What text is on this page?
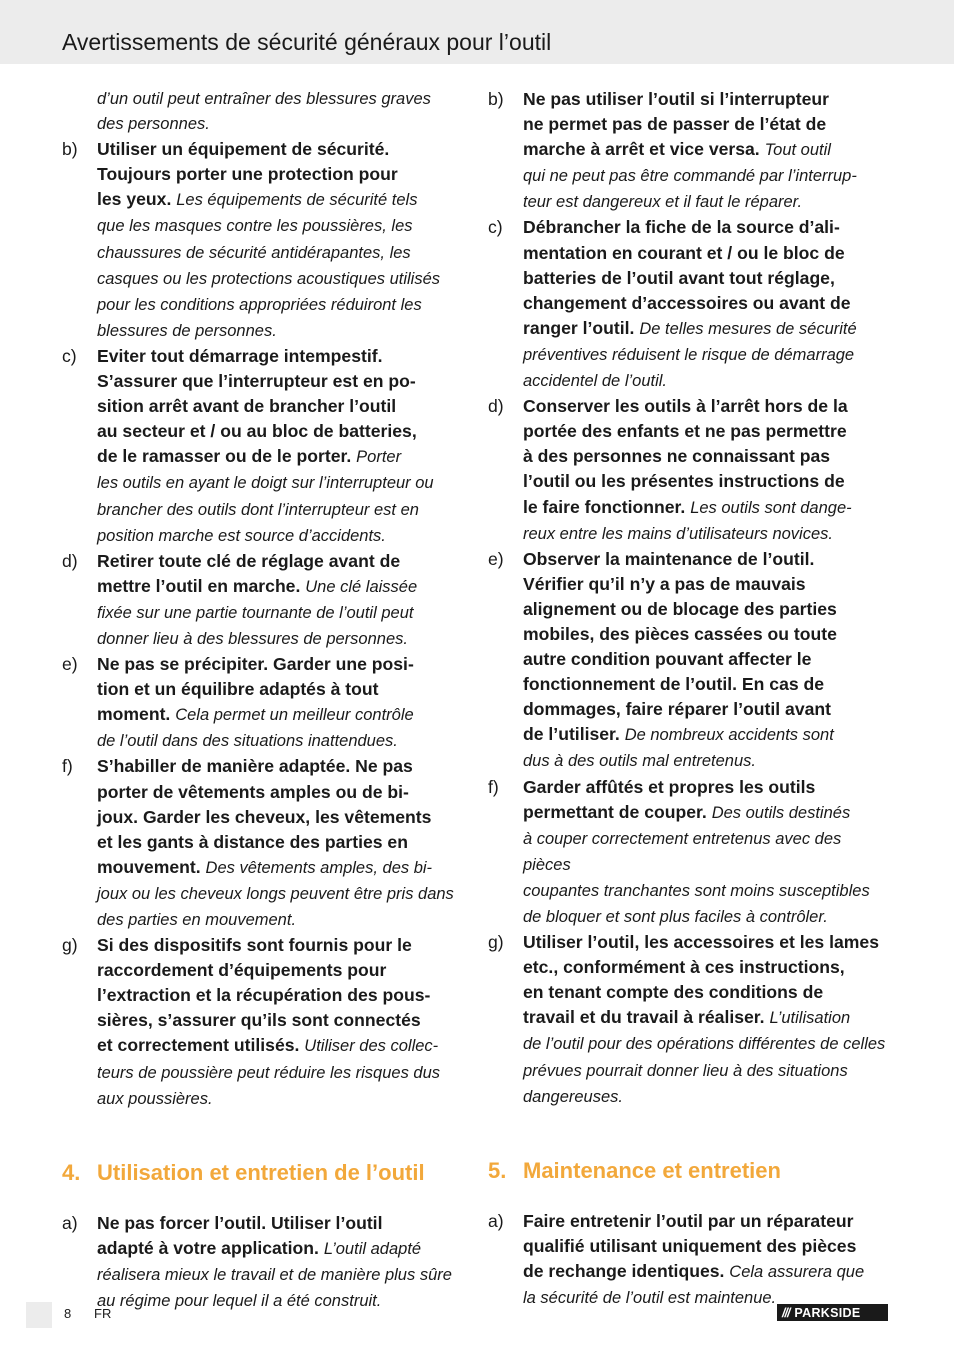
Avertissements de sécurité généraux pour l’outil
d’un outil peut entraîner des blessures graves
des personnes.
b)	Utiliser un équipement de sécurité.
Toujours porter une protection pour
les yeux. Les équipements de sécurité tels
que les masques contre les poussières, les
chaussures de sécurité antidérapantes, les
casques ou les protections acoustiques utilisés
pour les conditions appropriées réduiront les
blessures de personnes.
c)	Eviter tout démarrage intempestif.
S’assurer que l’interrupteur est en po-
sition arrêt avant de brancher l’outil
au secteur et / ou au bloc de batteries,
de le ramasser ou de le porter. Porter
les outils en ayant le doigt sur l’interrupteur ou
brancher des outils dont l’interrupteur est en
position marche est source d’accidents.
d)	Retirer toute clé de réglage avant de
mettre l’outil en marche. Une clé laissée
fixée sur une partie tournante de l’outil peut
donner lieu à des blessures de personnes.
e)	Ne pas se précipiter. Garder une posi-
tion et un équilibre adaptés à tout
moment. Cela permet un meilleur contrôle
de l’outil dans des situations inattendues.
f)	S’habiller de manière adaptée. Ne pas
porter de vêtements amples ou de bi-
joux. Garder les cheveux, les vêtements
et les gants à distance des parties en
mouvement. Des vêtements amples, des bi-
joux ou les cheveux longs peuvent être pris dans
des parties en mouvement.
g)	Si des dispositifs sont fournis pour le
raccordement d’équipements pour
l’extraction et la récupération des pous-
sières, s’assurer qu’ils sont connectés
et correctement utilisés. Utiliser des collec-
teurs de poussière peut réduire les risques dus
aux poussières.
4. Utilisation et entretien de l’outil
a)	Ne pas forcer l’outil. Utiliser l’outil
adapté à votre application. L’outil adapté
réalisera mieux le travail et de manière plus sûre
au régime pour lequel il a été construit.
b)	Ne pas utiliser l’outil si l’interrupteur
ne permet pas de passer de l’état de
marche à arrêt et vice versa. Tout outil
qui ne peut pas être commandé par l’interrup-
teur est dangereux et il faut le réparer.
c)	Débrancher la fiche de la source d’ali-
mentation en courant et / ou le bloc de
batteries de l’outil avant tout réglage,
changement d’accessoires ou avant de
ranger l’outil. De telles mesures de sécurité
préventives réduisent le risque de démarrage
accidentel de l’outil.
d)	Conserver les outils à l’arrêt hors de la
portée des enfants et ne pas permettre
à des personnes ne connaissant pas
l’outil ou les présentes instructions de
le faire fonctionner. Les outils sont dange-
reux entre les mains d’utilisateurs novices.
e)	Observer la maintenance de l’outil.
Vérifier qu’il n’y a pas de mauvais
alignement ou de blocage des parties
mobiles, des pièces cassées ou toute
autre condition pouvant affecter le
fonctionnement de l’outil. En cas de
dommages, faire réparer l’outil avant
de l’utiliser. De nombreux accidents sont
dus à des outils mal entretenus.
f)	Garder affûtés et propres les outils
permettant de couper. Des outils destinés
à couper correctement entretenus avec des pièces
coupantes tranchantes sont moins susceptibles
de bloquer et sont plus faciles à contrôler.
g)	Utiliser l’outil, les accessoires et les lames
etc., conformément à ces instructions,
en tenant compte des conditions de
travail et du travail à réaliser. L’utilisation
de l’outil pour des opérations différentes de celles
prévues pourrait donner lieu à des situations
dangereuses.
5. Maintenance et entretien
a)	Faire entretenir l’outil par un réparateur
qualifié utilisant uniquement des pièces
de rechange identiques. Cela assurera que
la sécurité de l’outil est maintenue.
8 FR	/// PARKSIDE
